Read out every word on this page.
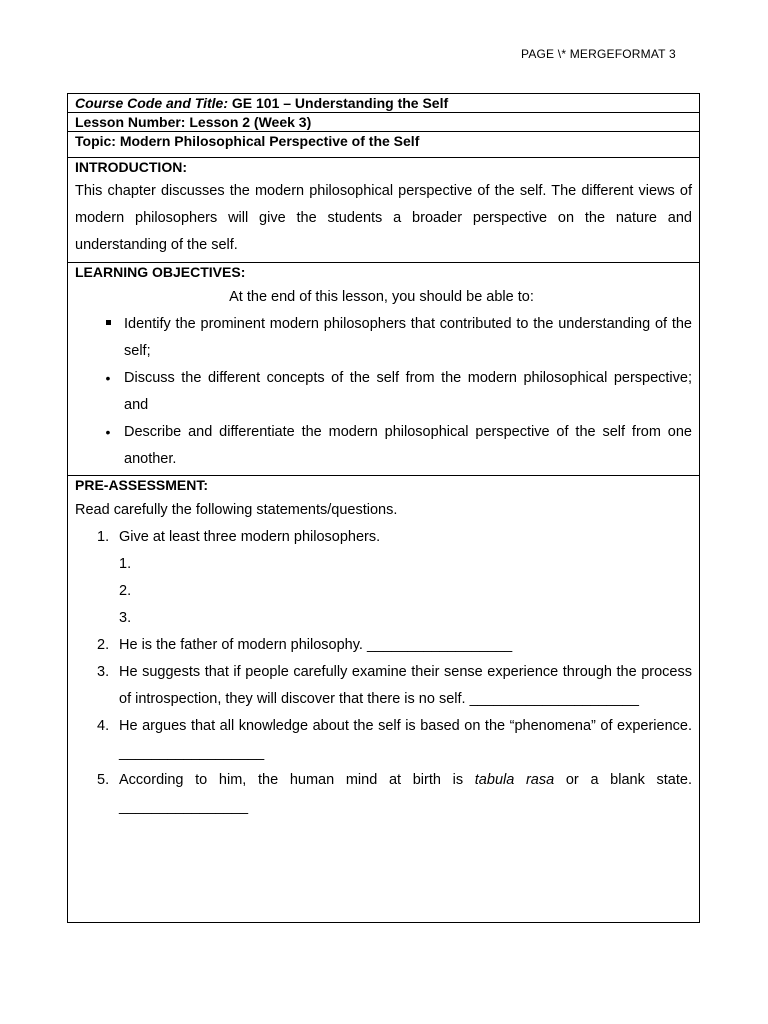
PAGE \* MERGEFORMAT 3
Course Code and Title: GE 101 – Understanding the Self
Lesson Number: Lesson 2 (Week 3)
Topic: Modern Philosophical Perspective of the Self
INTRODUCTION:

This chapter discusses the modern philosophical perspective of the self. The different views of modern philosophers will give the students a broader perspective on the nature and understanding of the self.

LEARNING OBJECTIVES:

At the end of this lesson, you should be able to:

Identify the prominent modern philosophers that contributed to the understanding of the self;
•
Discuss the different concepts of the self from the modern philosophical perspective; and
•
Describe and differentiate the modern philosophical perspective of the self from one another.
PRE-ASSESSMENT:

Read carefully the following statements/questions.

1. Give at least three modern philosophers.
1.
2.
3.
2. He is the father of modern philosophy. __________________
3. He suggests that if people carefully examine their sense experience through the process of introspection, they will discover that there is no self. _____________________
4. He argues that all knowledge about the self is based on the “phenomena” of experience. __________________
5. According to him, the human mind at birth is tabula rasa or a blank state. ________________
